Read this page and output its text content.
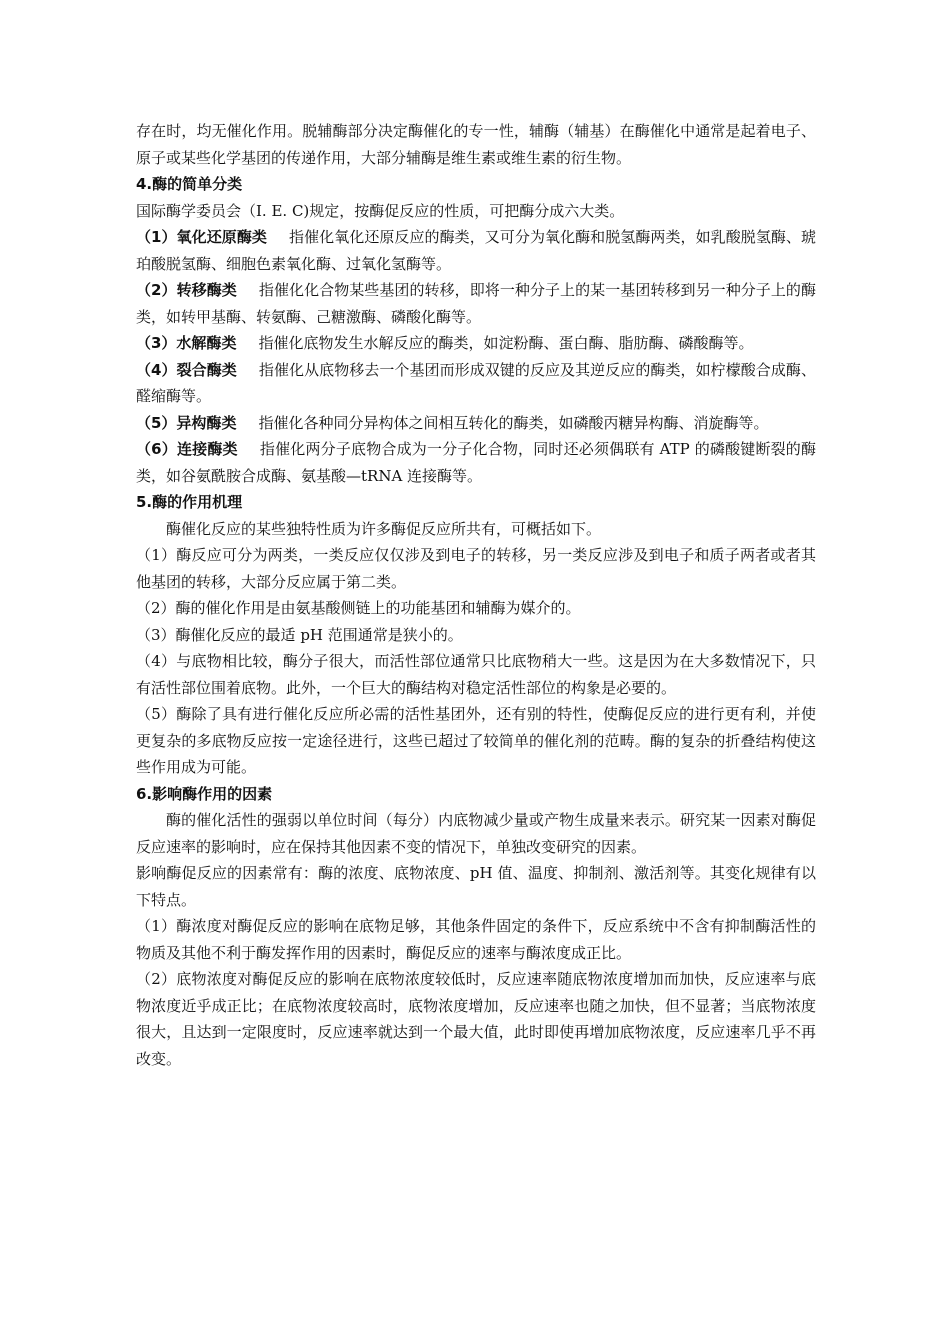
存在时，均无催化作用。脱辅酶部分决定酶催化的专一性，辅酶（辅基）在酶催化中通常是起着电子、原子或某些化学基团的传递作用，大部分辅酶是维生素或维生素的衍生物。

4.酶的简单分类

国际酶学委员会（I. E. C)规定，按酶促反应的性质，可把酶分成六大类。

（1）氧化还原酶类 指催化氧化还原反应的酶类，又可分为氧化酶和脱氢酶两类，如乳酸脱氢酶、琥珀酸脱氢酶、细胞色素氧化酶、过氧化氢酶等。

（2）转移酶类 指催化化合物某些基团的转移，即将一种分子上的某一基团转移到另一种分子上的酶类，如转甲基酶、转氨酶、己糖激酶、磷酸化酶等。

（3）水解酶类 指催化底物发生水解反应的酶类，如淀粉酶、蛋白酶、脂肪酶、磷酸酶等。

（4）裂合酶类 指催化从底物移去一个基团而形成双键的反应及其逆反应的酶类，如柠檬酸合成酶、醛缩酶等。

（5）异构酶类 指催化各种同分异构体之间相互转化的酶类，如磷酸丙糖异构酶、消旋酶等。

（6）连接酶类 指催化两分子底物合成为一分子化合物，同时还必须偶联有 ATP 的磷酸键断裂的酶类，如谷氨酰胺合成酶、氨基酸—tRNA 连接酶等。

5.酶的作用机理

酶催化反应的某些独特性质为许多酶促反应所共有，可概括如下。

（1）酶反应可分为两类，一类反应仅仅涉及到电子的转移，另一类反应涉及到电子和质子两者或者其他基团的转移，大部分反应属于第二类。

（2）酶的催化作用是由氨基酸侧链上的功能基团和辅酶为媒介的。

（3）酶催化反应的最适 pH 范围通常是狭小的。

（4）与底物相比较，酶分子很大，而活性部位通常只比底物稍大一些。这是因为在大多数情况下，只有活性部位围着底物。此外，一个巨大的酶结构对稳定活性部位的构象是必要的。

（5）酶除了具有进行催化反应所必需的活性基团外，还有别的特性，使酶促反应的进行更有利，并使更复杂的多底物反应按一定途径进行，这些已超过了较简单的催化剂的范畴。酶的复杂的折叠结构使这些作用成为可能。

6.影响酶作用的因素

酶的催化活性的强弱以单位时间（每分）内底物减少量或产物生成量来表示。研究某一因素对酶促反应速率的影响时，应在保持其他因素不变的情况下，单独改变研究的因素。

影响酶促反应的因素常有：酶的浓度、底物浓度、pH 值、温度、抑制剂、激活剂等。其变化规律有以下特点。

（1）酶浓度对酶促反应的影响在底物足够，其他条件固定的条件下，反应系统中不含有抑制酶活性的物质及其他不利于酶发挥作用的因素时，酶促反应的速率与酶浓度成正比。

（2）底物浓度对酶促反应的影响在底物浓度较低时，反应速率随底物浓度增加而加快，反应速率与底物浓度近乎成正比；在底物浓度较高时，底物浓度增加，反应速率也随之加快，但不显著；当底物浓度很大，且达到一定限度时，反应速率就达到一个最大值，此时即使再增加底物浓度，反应速率几乎不再改变。
